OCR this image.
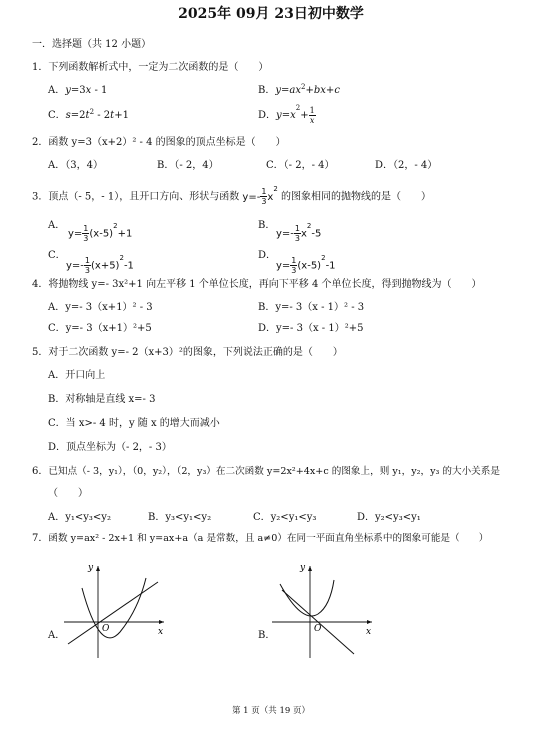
2025年 09月 23日初中数学
一．选择题（共 12 小题）
1．下列函数解析式中，一定为二次函数的是（　　）
A．y=3x - 1	B．$y=ax^2+bx+c$
C．$s=2t^2 - 2t+1$	D．$y=x^2+ \frac{1}{x}$
2．函数 y=3（x+2）² - 4 的图象的顶点坐标是（　　）
A．（3，4）	B．（- 2，4）	C．（- 2，- 4）	D．（2，- 4）
3．顶点（- 5，- 1），且开口方向、形状与函数 $y=- \frac{1}{3} x^2$ 的图象相同的抛物线的是（　　）
A．
$y= \frac{1}{3} (x-5)^2+1$
B．
$y=- \frac{1}{3} x^2-5$
C．
$y=- \frac{1}{3} (x+5)^2-1$
D．
$y= \frac{1}{3} (x-5)^2-1$
4．将抛物线 y=- 3x²+1 向左平移 1 个单位长度，再向下平移 4 个单位长度，得到抛物线为（　　）
A．y=- 3（x+1）² - 3	B．y=- 3（x - 1）² - 3
C．y=- 3（x+1）²+5	D．y=- 3（x - 1）²+5
5．对于二次函数 y=- 2（x+3）²的图象，下列说法正确的是（　　）
A．开口向上
B．对称轴是直线 x=- 3
C．当 x>- 4 时，y 随 x 的增大而减小
D．顶点坐标为（- 2，- 3）
6．已知点（- 3，y₁），（0，y₂），（2，y₃）在二次函数 y=2x²+4x+c 的图象上，则 y₁，y₂，y₃ 的大小关系是
（　　）
A．y₁<y₃<y₂	B．y₃<y₁<y₂	C．y₂<y₁<y₃	D．y₂<y₃<y₁
7．函数 y=ax² - 2x+1 和 y=ax+a（a 是常数，且 a≠0）在同一平面直角坐标系中的图象可能是（　　）
y
x
O
A．
y
x
O
B．
第 1 页（共 19 页）
